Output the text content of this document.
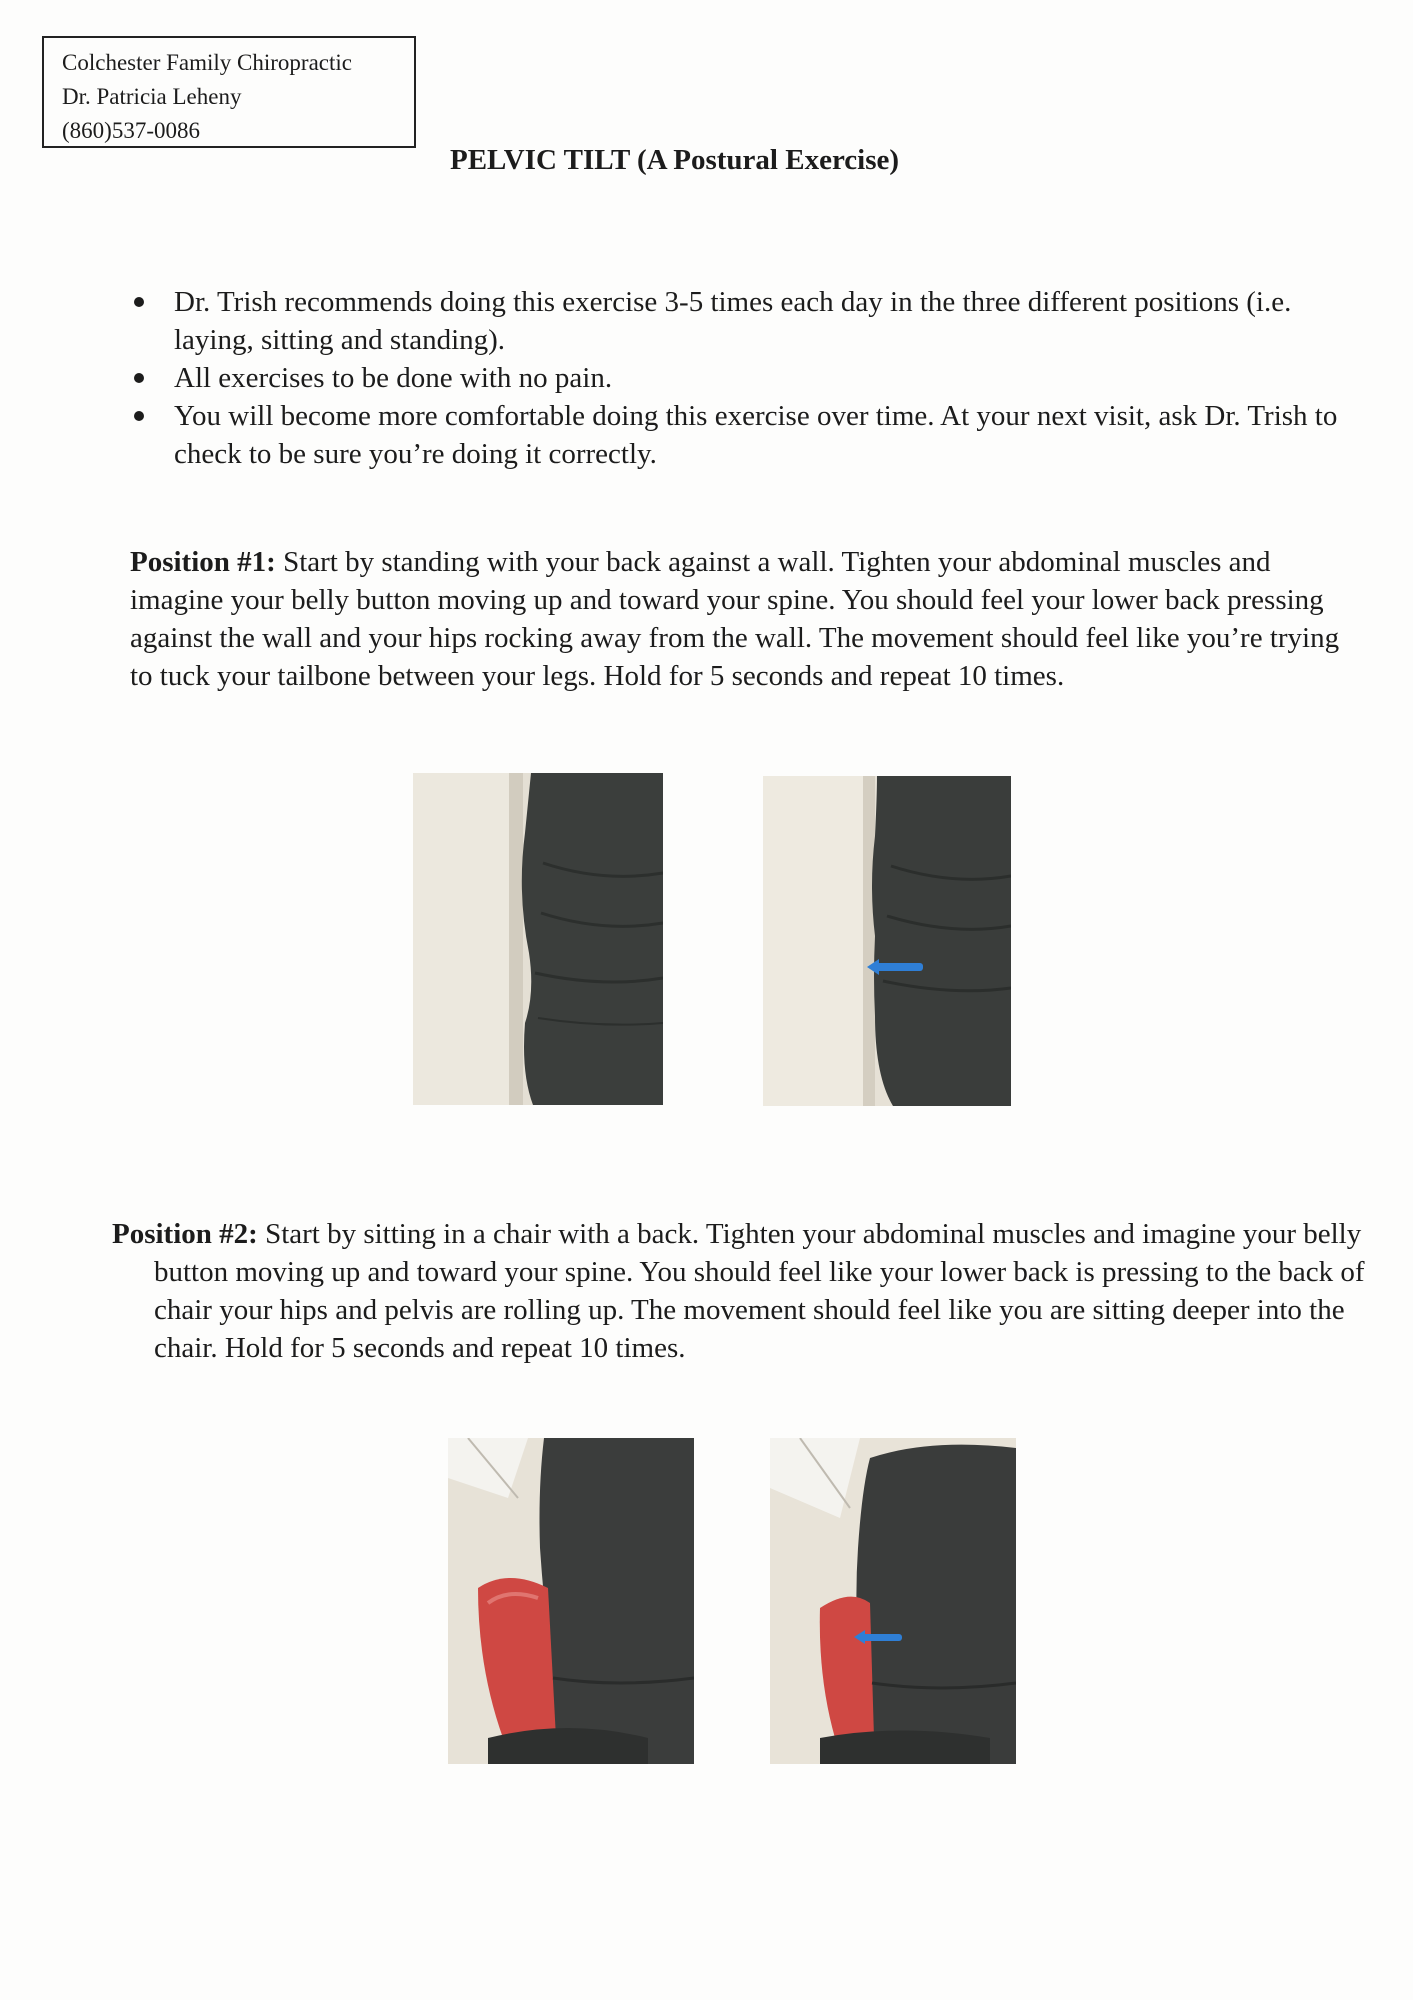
Colchester Family Chiropractic
Dr. Patricia Leheny
(860)537-0086
PELVIC TILT (A Postural Exercise)
Dr. Trish recommends doing this exercise 3-5 times each day in the three different positions (i.e. laying, sitting and standing).
All exercises to be done with no pain.
You will become more comfortable doing this exercise over time. At your next visit, ask Dr. Trish to check to be sure you’re doing it correctly.
Position #1: Start by standing with your back against a wall. Tighten your abdominal muscles and imagine your belly button moving up and toward your spine. You should feel your lower back pressing against the wall and your hips rocking away from the wall. The movement should feel like you’re trying to tuck your tailbone between your legs. Hold for 5 seconds and repeat 10 times.
Position #2: Start by sitting in a chair with a back. Tighten your abdominal muscles and imagine your belly button moving up and toward your spine. You should feel like your lower back is pressing to the back of chair your hips and pelvis are rolling up. The movement should feel like you are sitting deeper into the chair. Hold for 5 seconds and repeat 10 times.
